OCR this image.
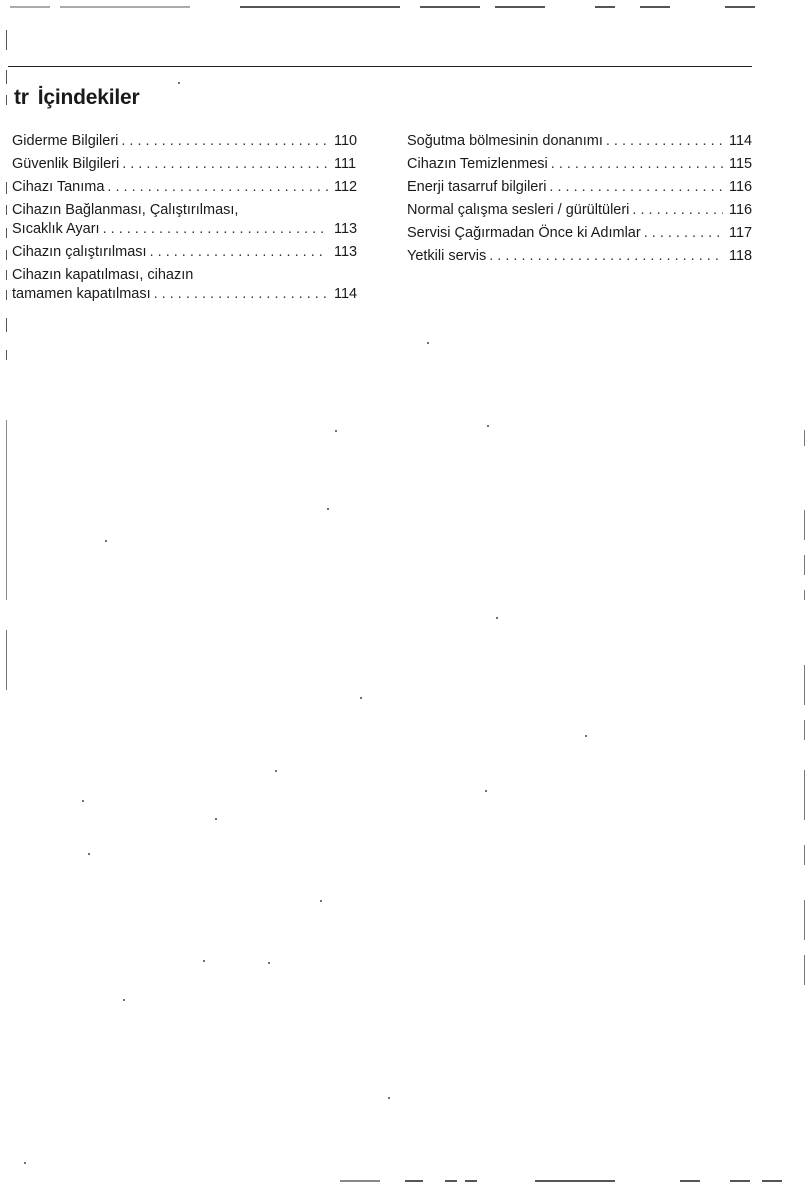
tr İçindekiler
Giderme Bilgileri . . .	110
Güvenlik Bilgileri . . .	111
Cihazı Tanıma . . .	112
Cihazın Bağlanması, Çalıştırılması,
Sıcaklık Ayarı . . .	113
Cihazın çalıştırılması . . .	113
Cihazın kapatılması, cihazın
tamamen kapatılması . . .	114
Soğutma bölmesinin donanımı . . .	114
Cihazın Temizlenmesi . . .	115
Enerji tasarruf bilgileri . . .	116
Normal çalışma sesleri / gürültüleri . . .	116
Servisi Çağırmadan Önce ki Adımlar . . .	117
Yetkili servis . . .	118
